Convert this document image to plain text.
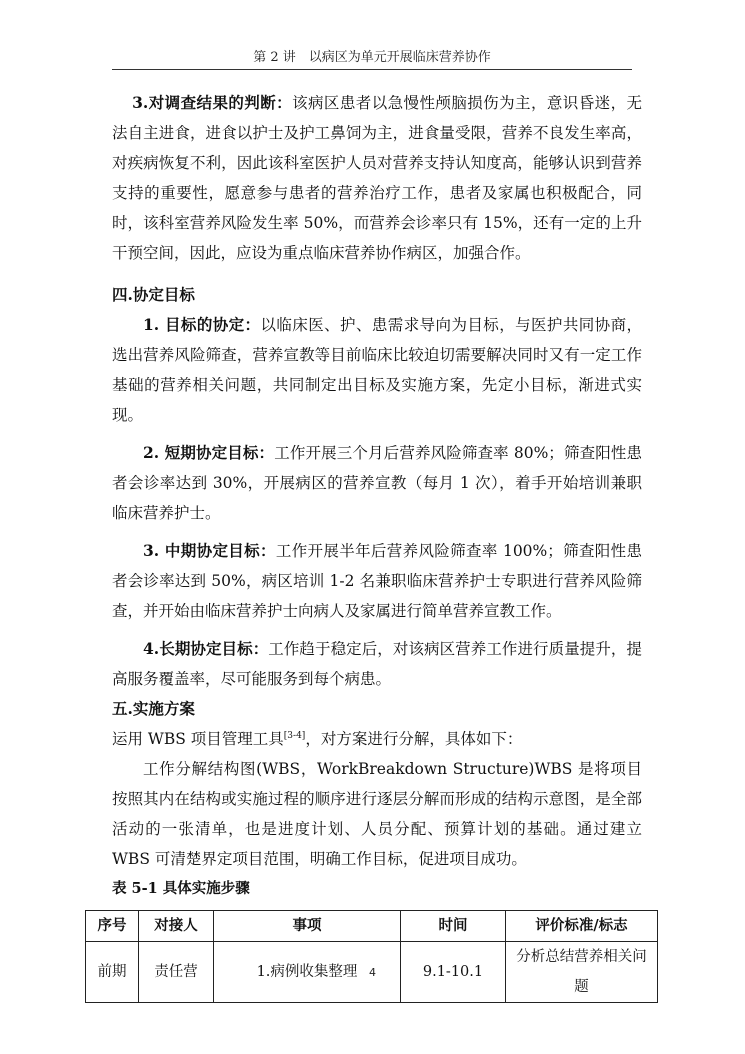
第 2 讲　以病区为单元开展临床营养协作

3.对调查结果的判断：该病区患者以急慢性颅脑损伤为主，意识昏迷，无法自主进食，进食以护士及护工鼻饲为主，进食量受限，营养不良发生率高，对疾病恢复不利，因此该科室医护人员对营养支持认知度高，能够认识到营养支持的重要性，愿意参与患者的营养治疗工作，患者及家属也积极配合，同时，该科室营养风险发生率 50%，而营养会诊率只有 15%，还有一定的上升干预空间，因此，应设为重点临床营养协作病区，加强合作。

四.协定目标

1. 目标的协定：以临床医、护、患需求导向为目标，与医护共同协商，选出营养风险筛查，营养宣教等目前临床比较迫切需要解决同时又有一定工作基础的营养相关问题，共同制定出目标及实施方案，先定小目标，渐进式实现。

2. 短期协定目标：工作开展三个月后营养风险筛查率 80%；筛查阳性患者会诊率达到 30%，开展病区的营养宣教（每月 1 次），着手开始培训兼职临床营养护士。

3. 中期协定目标：工作开展半年后营养风险筛查率 100%；筛查阳性患者会诊率达到 50%，病区培训 1-2 名兼职临床营养护士专职进行营养风险筛查，并开始由临床营养护士向病人及家属进行简单营养宣教工作。

4.长期协定目标：工作趋于稳定后，对该病区营养工作进行质量提升，提高服务覆盖率，尽可能服务到每个病患。

五.实施方案

运用 WBS 项目管理工具[3-4]，对方案进行分解，具体如下：

工作分解结构图(WBS，WorkBreakdown Structure)WBS 是将项目按照其内在结构或实施过程的顺序进行逐层分解而形成的结构示意图，是全部活动的一张清单，也是进度计划、人员分配、预算计划的基础。通过建立 WBS 可清楚界定项目范围，明确工作目标，促进项目成功。

表 5-1 具体实施步骤

序号	对接人	事项	时间	评价标准/标志
前期	责任营	1.病例收集整理	9.1-10.1	分析总结营养相关问题
4
